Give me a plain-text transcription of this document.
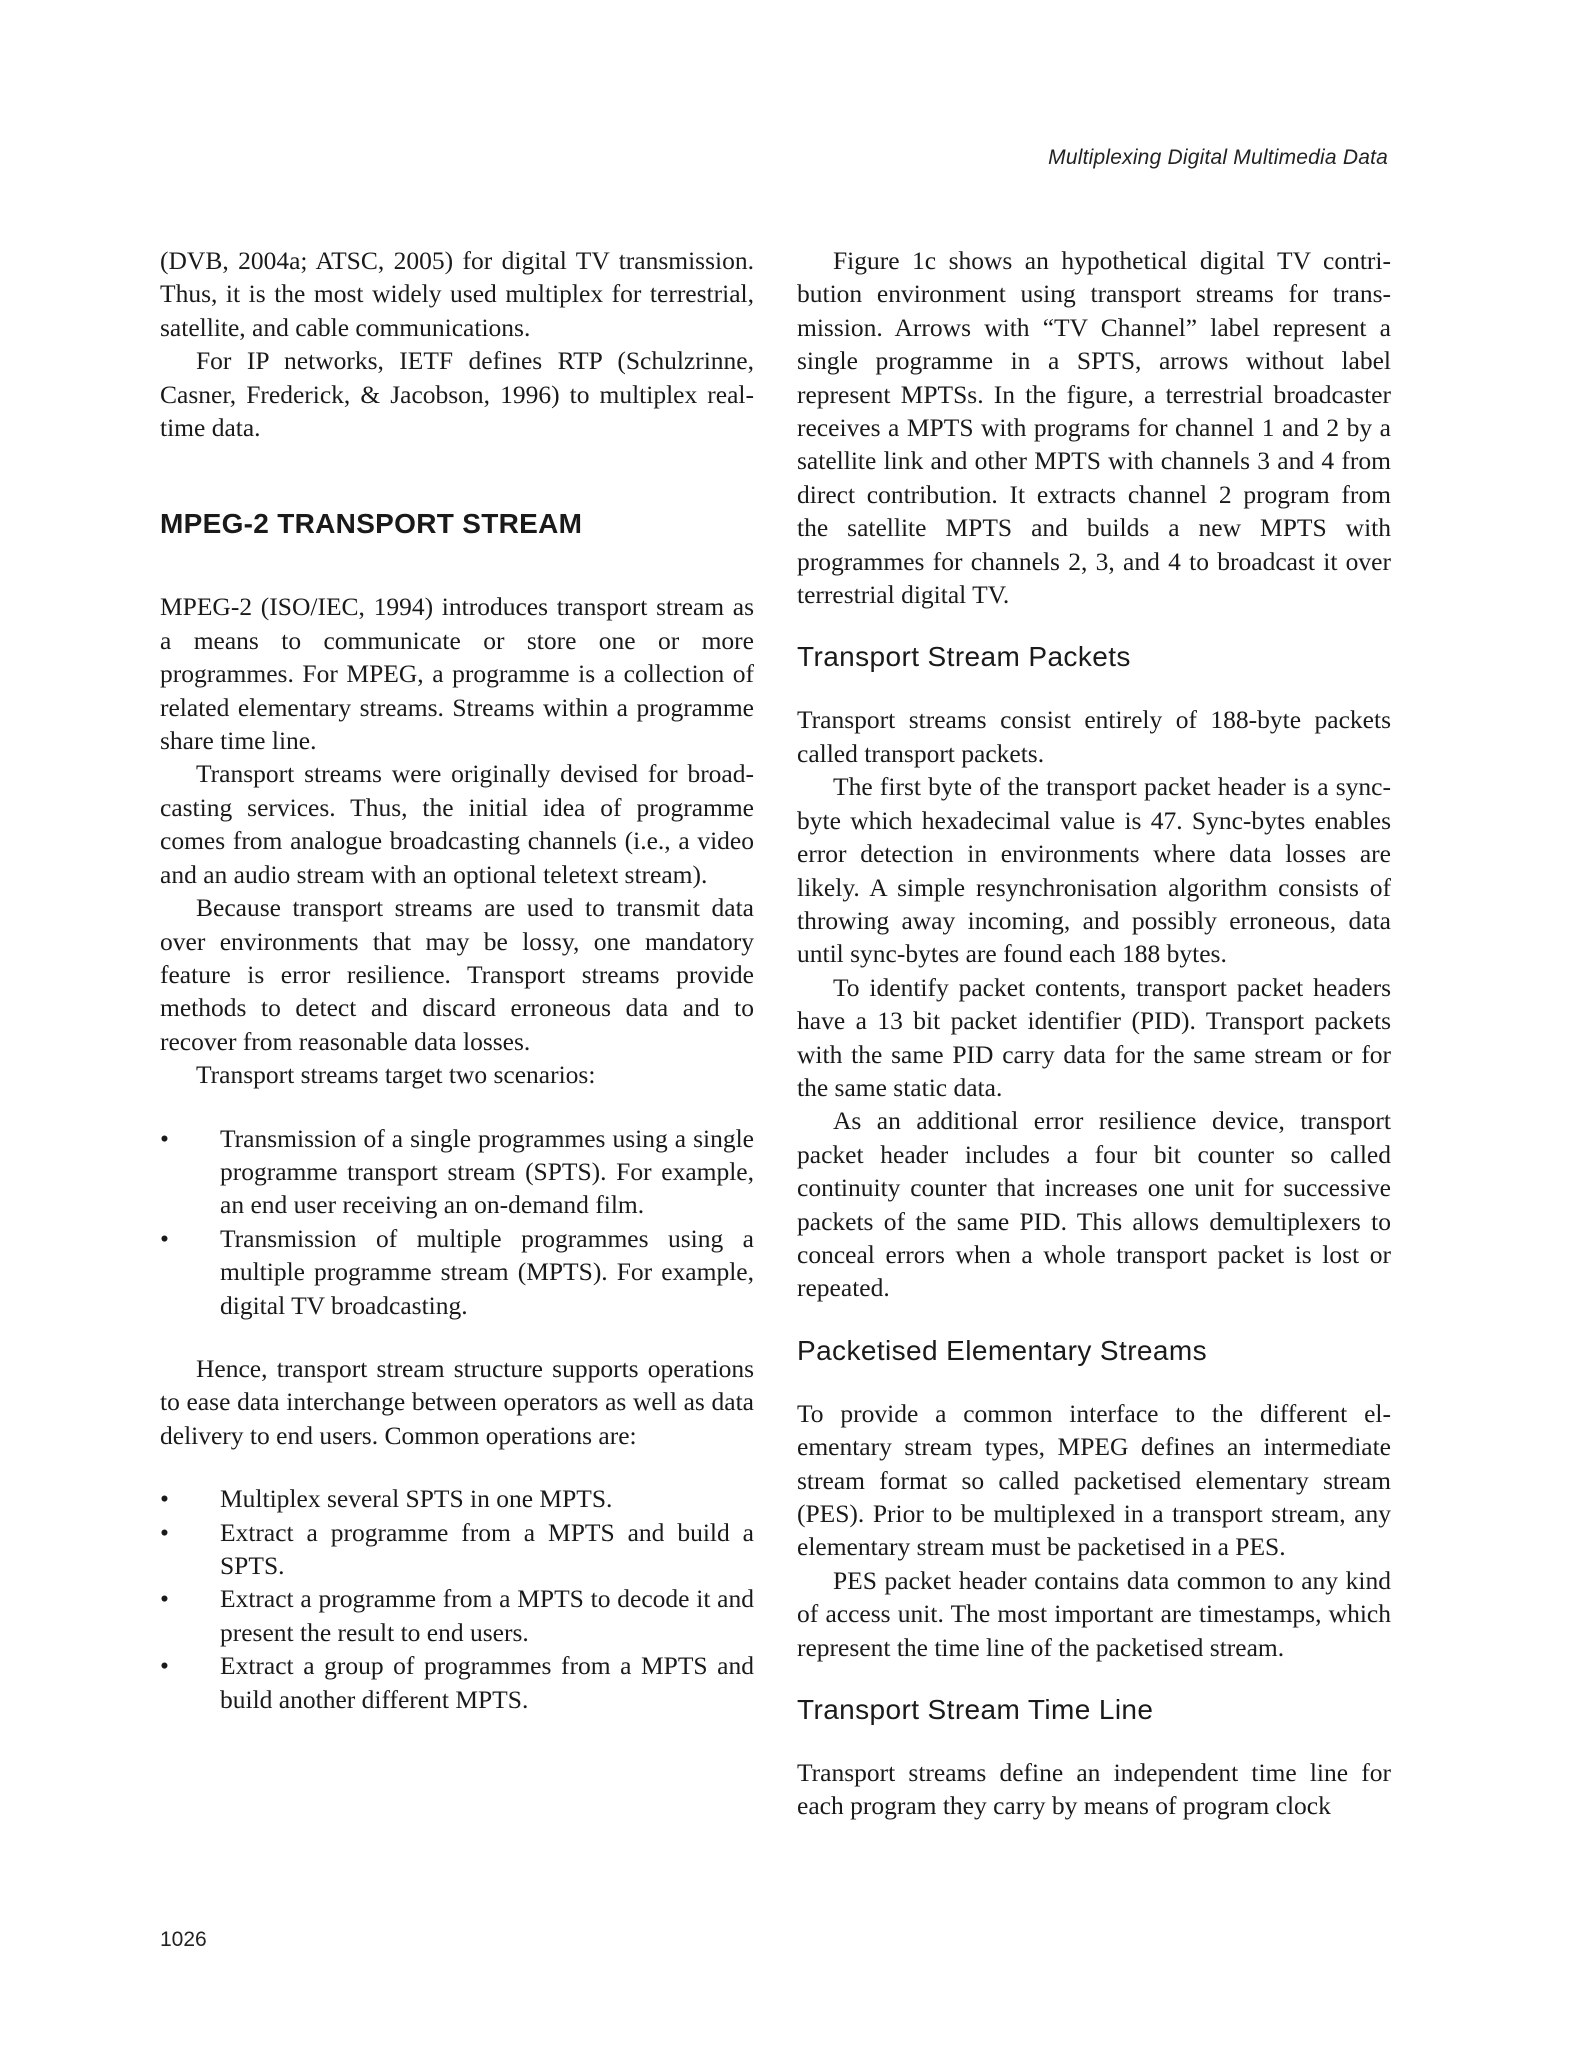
Multiplexing Digital Multimedia Data

(DVB, 2004a; ATSC, 2005) for digital TV transmission. Thus, it is the most widely used multiplex for terrestrial, satellite, and cable communications.

For IP networks, IETF defines RTP (Schulzrinne, Casner, Frederick, & Jacobson, 1996) to multiplex real-time data.

MPEG-2 TRANSPORT STREAM

MPEG-2 (ISO/IEC, 1994) introduces transport stream as a means to communicate or store one or more programmes. For MPEG, a programme is a collection of related elementary streams. Streams within a programme share time line.

Transport streams were originally devised for broadcasting services. Thus, the initial idea of programme comes from analogue broadcasting channels (i.e., a video and an audio stream with an optional teletext stream).

Because transport streams are used to transmit data over environments that may be lossy, one mandatory feature is error resilience. Transport streams provide methods to detect and discard erroneous data and to recover from reasonable data losses.

Transport streams target two scenarios:

• Transmission of a single programmes using a single programme transport stream (SPTS). For example, an end user receiving an on-demand film.
• Transmission of multiple programmes using a multiple programme stream (MPTS). For example, digital TV broadcasting.

Hence, transport stream structure supports operations to ease data interchange between operators as well as data delivery to end users. Common operations are:

• Multiplex several SPTS in one MPTS.
• Extract a programme from a MPTS and build a SPTS.
• Extract a programme from a MPTS to decode it and present the result to end users.
• Extract a group of programmes from a MPTS and build another different MPTS.

Figure 1c shows an hypothetical digital TV contribution environment using transport streams for transmission. Arrows with “TV Channel” label represent a single programme in a SPTS, arrows without label represent MPTSs. In the figure, a terrestrial broadcaster receives a MPTS with programs for channel 1 and 2 by a satellite link and other MPTS with channels 3 and 4 from direct contribution. It extracts channel 2 program from the satellite MPTS and builds a new MPTS with programmes for channels 2, 3, and 4 to broadcast it over terrestrial digital TV.

Transport Stream Packets

Transport streams consist entirely of 188-byte packets called transport packets.

The first byte of the transport packet header is a sync-byte which hexadecimal value is 47. Sync-bytes enables error detection in environments where data losses are likely. A simple resynchronisation algorithm consists of throwing away incoming, and possibly erroneous, data until sync-bytes are found each 188 bytes.

To identify packet contents, transport packet headers have a 13 bit packet identifier (PID). Transport packets with the same PID carry data for the same stream or for the same static data.

As an additional error resilience device, transport packet header includes a four bit counter so called continuity counter that increases one unit for successive packets of the same PID. This allows demultiplexers to conceal errors when a whole transport packet is lost or repeated.

Packetised Elementary Streams

To provide a common interface to the different elementary stream types, MPEG defines an intermediate stream format so called packetised elementary stream (PES). Prior to be multiplexed in a transport stream, any elementary stream must be packetised in a PES.

PES packet header contains data common to any kind of access unit. The most important are timestamps, which represent the time line of the packetised stream.

Transport Stream Time Line

Transport streams define an independent time line for each program they carry by means of program clock

1026
